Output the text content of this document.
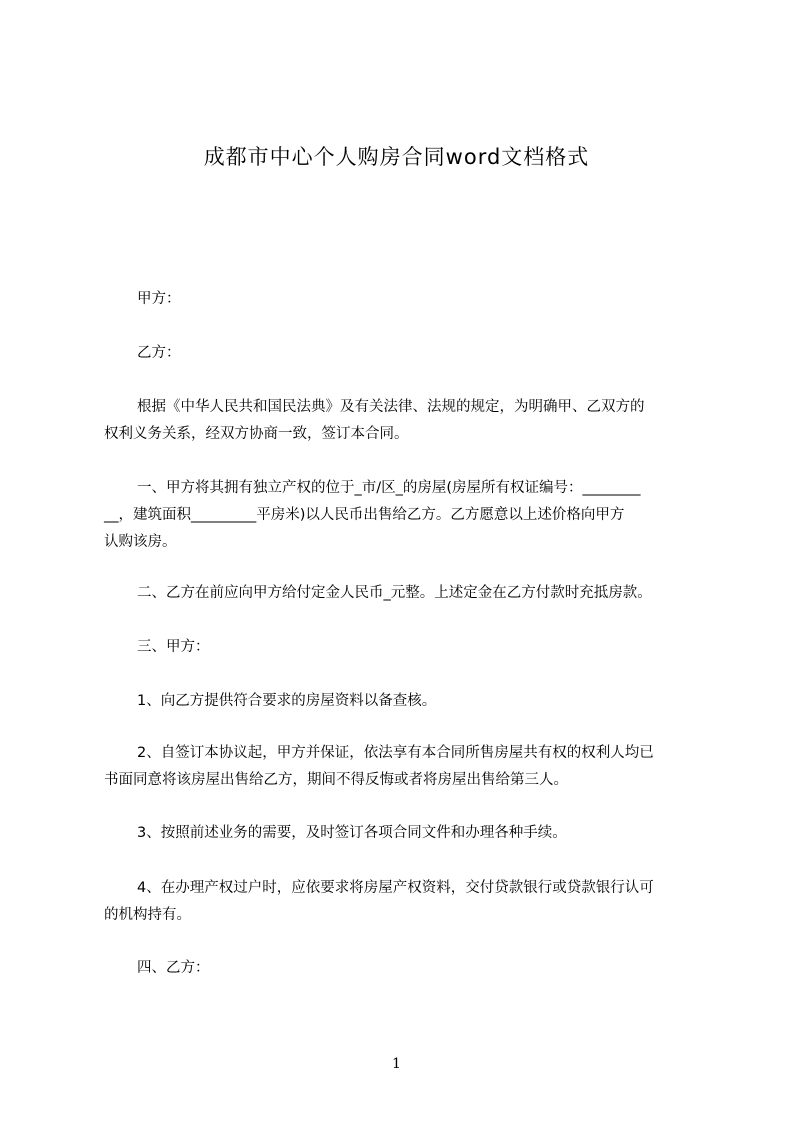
成都市中心个人购房合同word文档格式
甲方：
乙方：
根据《中华人民共和国民法典》及有关法律、法规的规定，为明确甲、乙双方的
权利义务关系，经双方协商一致，签订本合同。
一、甲方将其拥有独立产权的位于_市/区_的房屋(房屋所有权证编号：________
__，建筑面积_________平房米)以人民币出售给乙方。乙方愿意以上述价格向甲方
认购该房。
二、乙方在前应向甲方给付定金人民币_元整。上述定金在乙方付款时充抵房款。
三、甲方：
1、向乙方提供符合要求的房屋资料以备查核。
2、自签订本协议起，甲方并保证，依法享有本合同所售房屋共有权的权利人均已
书面同意将该房屋出售给乙方，期间不得反悔或者将房屋出售给第三人。
3、按照前述业务的需要，及时签订各项合同文件和办理各种手续。
4、在办理产权过户时，应依要求将房屋产权资料，交付贷款银行或贷款银行认可
的机构持有。
四、乙方：
1
